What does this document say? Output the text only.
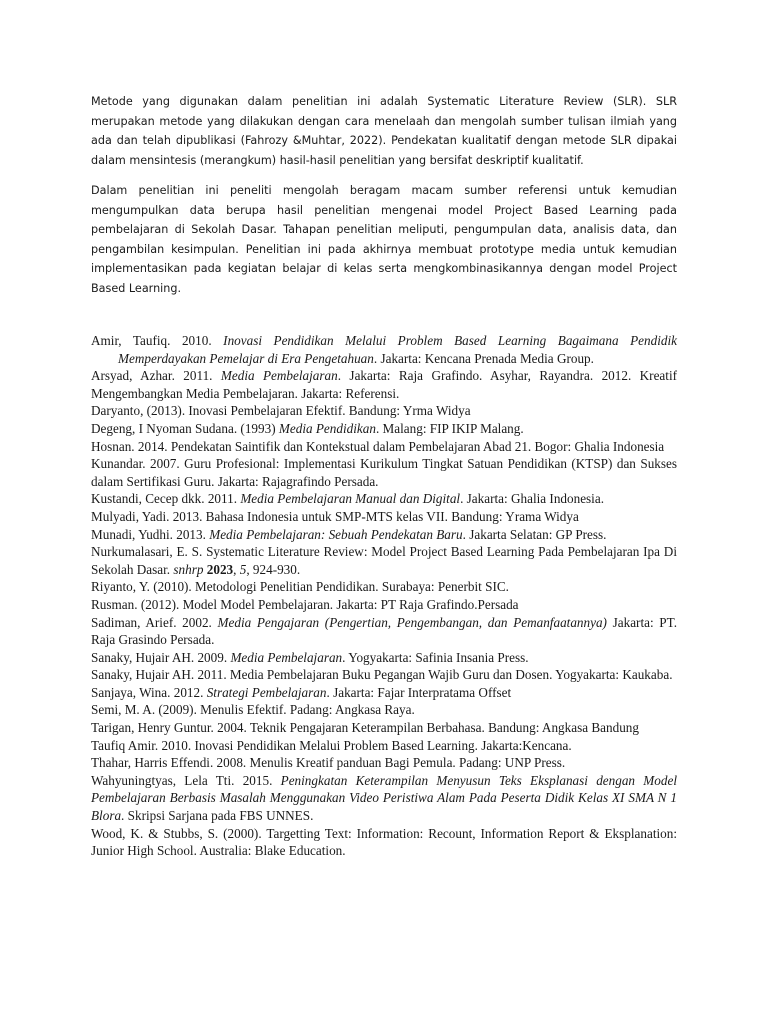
Metode yang digunakan dalam penelitian ini adalah Systematic Literature Review (SLR). SLR merupakan metode yang dilakukan dengan cara menelaah dan mengolah sumber tulisan ilmiah yang ada dan telah dipublikasi (Fahrozy &Muhtar, 2022). Pendekatan kualitatif dengan metode SLR dipakai dalam mensintesis (merangkum) hasil-hasil penelitian yang bersifat deskriptif kualitatif.

Dalam penelitian ini peneliti mengolah beragam macam sumber referensi untuk kemudian mengumpulkan data berupa hasil penelitian mengenai model Project Based Learning pada pembelajaran di Sekolah Dasar. Tahapan penelitian meliputi, pengumpulan data, analisis data, dan pengambilan kesimpulan. Penelitian ini pada akhirnya membuat prototype media untuk kemudian implementasikan pada kegiatan belajar di kelas serta mengkombinasikannya dengan model Project Based Learning.

Amir, Taufiq. 2010. Inovasi Pendidikan Melalui Problem Based Learning Bagaimana Pendidik Memperdayakan Pemelajar di Era Pengetahuan. Jakarta: Kencana Prenada Media Group.

Arsyad, Azhar. 2011. Media Pembelajaran. Jakarta: Raja Grafindo. Asyhar, Rayandra. 2012. Kreatif Mengembangkan Media Pembelajaran. Jakarta: Referensi.

Daryanto, (2013). Inovasi Pembelajaran Efektif. Bandung: Yrma Widya

Degeng, I Nyoman Sudana. (1993) Media Pendidikan. Malang: FIP IKIP Malang.

Hosnan. 2014. Pendekatan Saintifik dan Kontekstual dalam Pembelajaran Abad 21. Bogor: Ghalia Indonesia

Kunandar. 2007. Guru Profesional: Implementasi Kurikulum Tingkat Satuan Pendidikan (KTSP) dan Sukses dalam Sertifikasi Guru. Jakarta: Rajagrafindo Persada.

Kustandi, Cecep dkk. 2011. Media Pembelajaran Manual dan Digital. Jakarta: Ghalia Indonesia.

Mulyadi, Yadi. 2013. Bahasa Indonesia untuk SMP-MTS kelas VII. Bandung: Yrama Widya

Munadi, Yudhi. 2013. Media Pembelajaran: Sebuah Pendekatan Baru. Jakarta Selatan: GP Press.

Nurkumalasari, E. S. Systematic Literature Review: Model Project Based Learning Pada Pembelajaran Ipa Di Sekolah Dasar. snhrp 2023, 5, 924-930.

Riyanto, Y. (2010). Metodologi Penelitian Pendidikan. Surabaya: Penerbit SIC.

Rusman. (2012). Model Model Pembelajaran. Jakarta: PT Raja Grafindo.Persada

Sadiman, Arief. 2002. Media Pengajaran (Pengertian, Pengembangan, dan Pemanfaatannya) Jakarta: PT. Raja Grasindo Persada.

Sanaky, Hujair AH. 2009. Media Pembelajaran. Yogyakarta: Safinia Insania Press.

Sanaky, Hujair AH. 2011. Media Pembelajaran Buku Pegangan Wajib Guru dan Dosen. Yogyakarta: Kaukaba.

Sanjaya, Wina. 2012. Strategi Pembelajaran. Jakarta: Fajar Interpratama Offset

Semi, M. A. (2009). Menulis Efektif. Padang: Angkasa Raya.

Tarigan, Henry Guntur. 2004. Teknik Pengajaran Keterampilan Berbahasa. Bandung: Angkasa Bandung

Taufiq Amir. 2010. Inovasi Pendidikan Melalui Problem Based Learning. Jakarta:Kencana.

Thahar, Harris Effendi. 2008. Menulis Kreatif panduan Bagi Pemula. Padang: UNP Press.

Wahyuningtyas, Lela Tti. 2015. Peningkatan Keterampilan Menyusun Teks Eksplanasi dengan Model Pembelajaran Berbasis Masalah Menggunakan Video Peristiwa Alam Pada Peserta Didik Kelas XI SMA N 1 Blora. Skripsi Sarjana pada FBS UNNES.

Wood, K. & Stubbs, S. (2000). Targetting Text: Information: Recount, Information Report & Eksplanation: Junior High School. Australia: Blake Education.
